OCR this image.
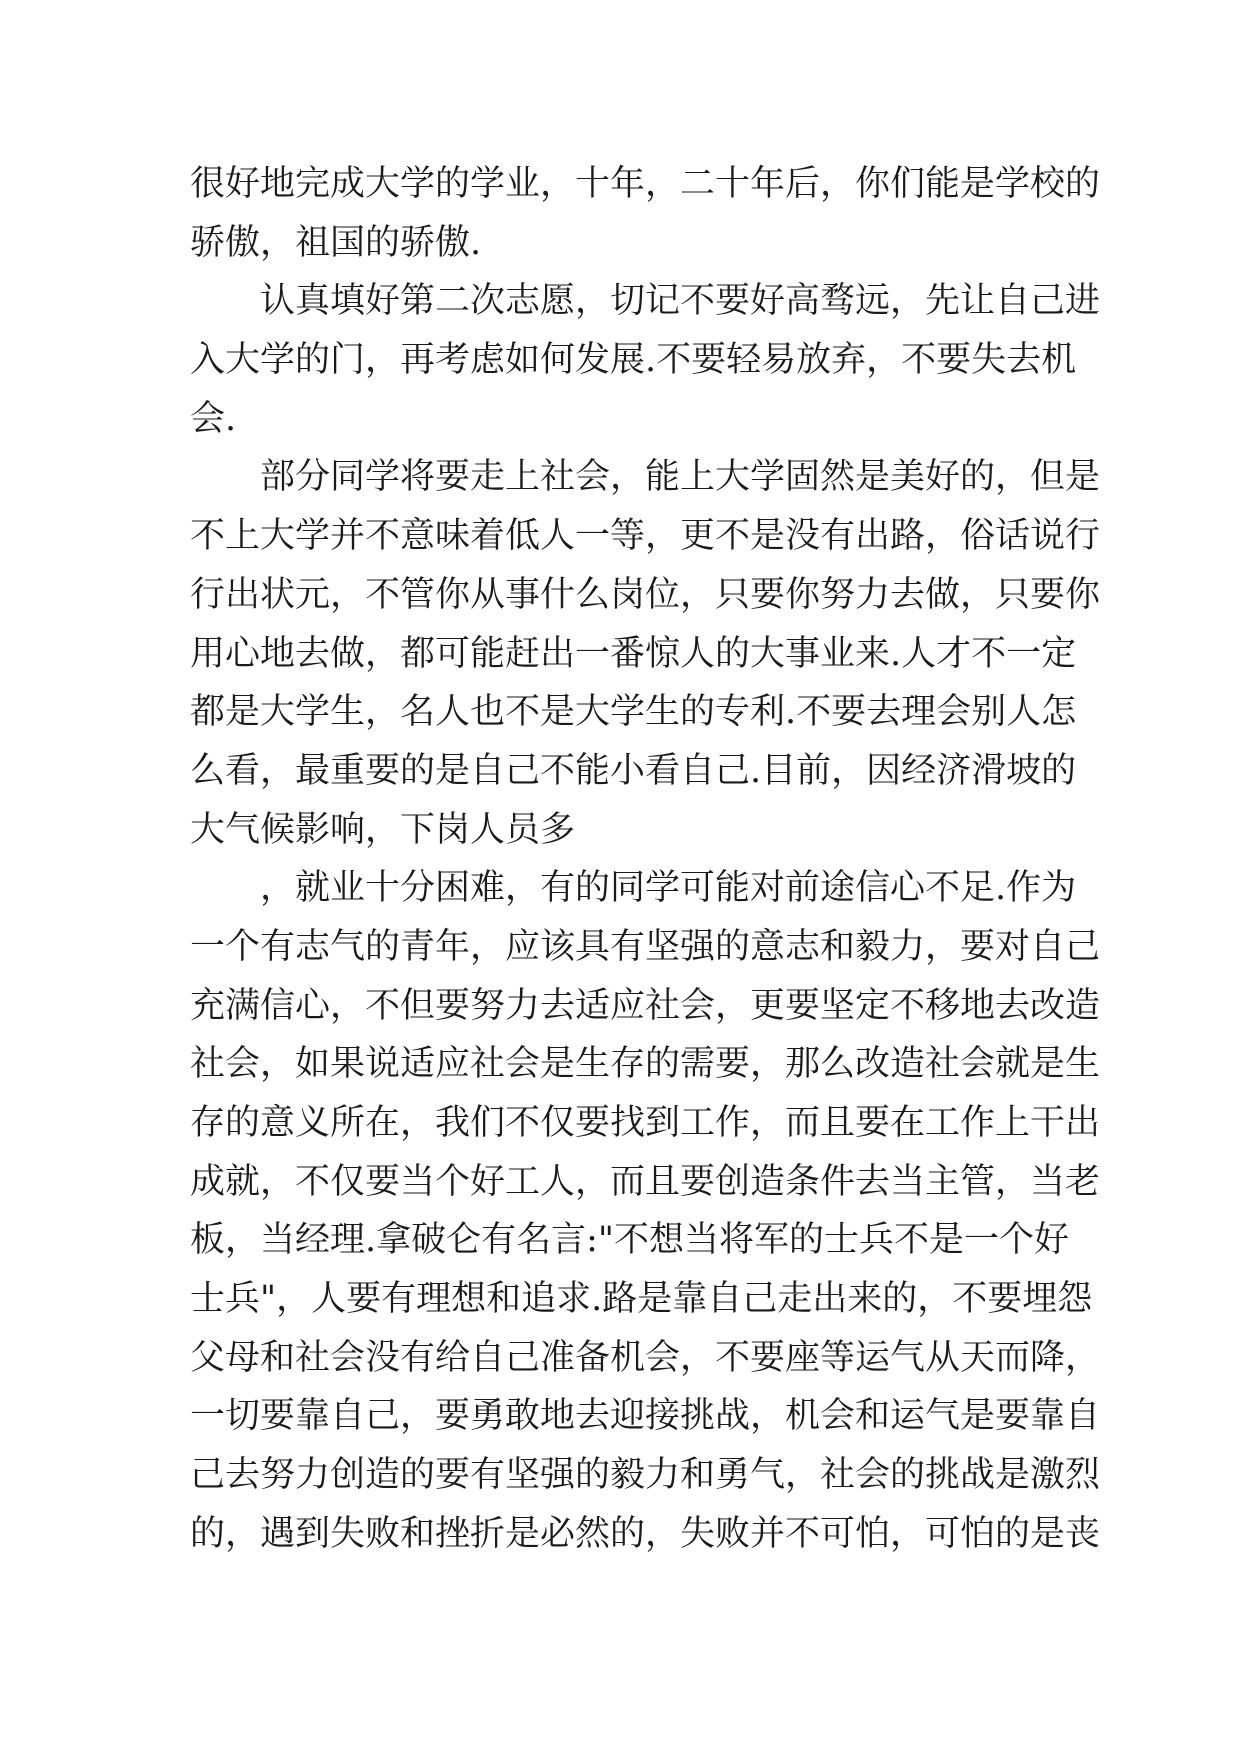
很好地完成大学的学业，十年，二十年后，你们能是学校的
骄傲，祖国的骄傲.
认真填好第二次志愿，切记不要好高骛远，先让自己进
入大学的门，再考虑如何发展.不要轻易放弃，不要失去机
会.
部分同学将要走上社会，能上大学固然是美好的，但是
不上大学并不意味着低人一等，更不是没有出路，俗话说行
行出状元，不管你从事什么岗位，只要你努力去做，只要你
用心地去做，都可能赶出一番惊人的大事业来.人才不一定
都是大学生，名人也不是大学生的专利.不要去理会别人怎
么看，最重要的是自己不能小看自己.目前，因经济滑坡的
大气候影响，下岗人员多
，就业十分困难，有的同学可能对前途信心不足.作为
一个有志气的青年，应该具有坚强的意志和毅力，要对自己
充满信心，不但要努力去适应社会，更要坚定不移地去改造
社会，如果说适应社会是生存的需要，那么改造社会就是生
存的意义所在，我们不仅要找到工作，而且要在工作上干出
成就，不仅要当个好工人，而且要创造条件去当主管，当老
板，当经理.拿破仑有名言:"不想当将军的士兵不是一个好
士兵"，人要有理想和追求.路是靠自己走出来的，不要埋怨
父母和社会没有给自己准备机会，不要座等运气从天而降，
一切要靠自己，要勇敢地去迎接挑战，机会和运气是要靠自
己去努力创造的要有坚强的毅力和勇气，社会的挑战是激烈
的，遇到失败和挫折是必然的，失败并不可怕，可怕的是丧
